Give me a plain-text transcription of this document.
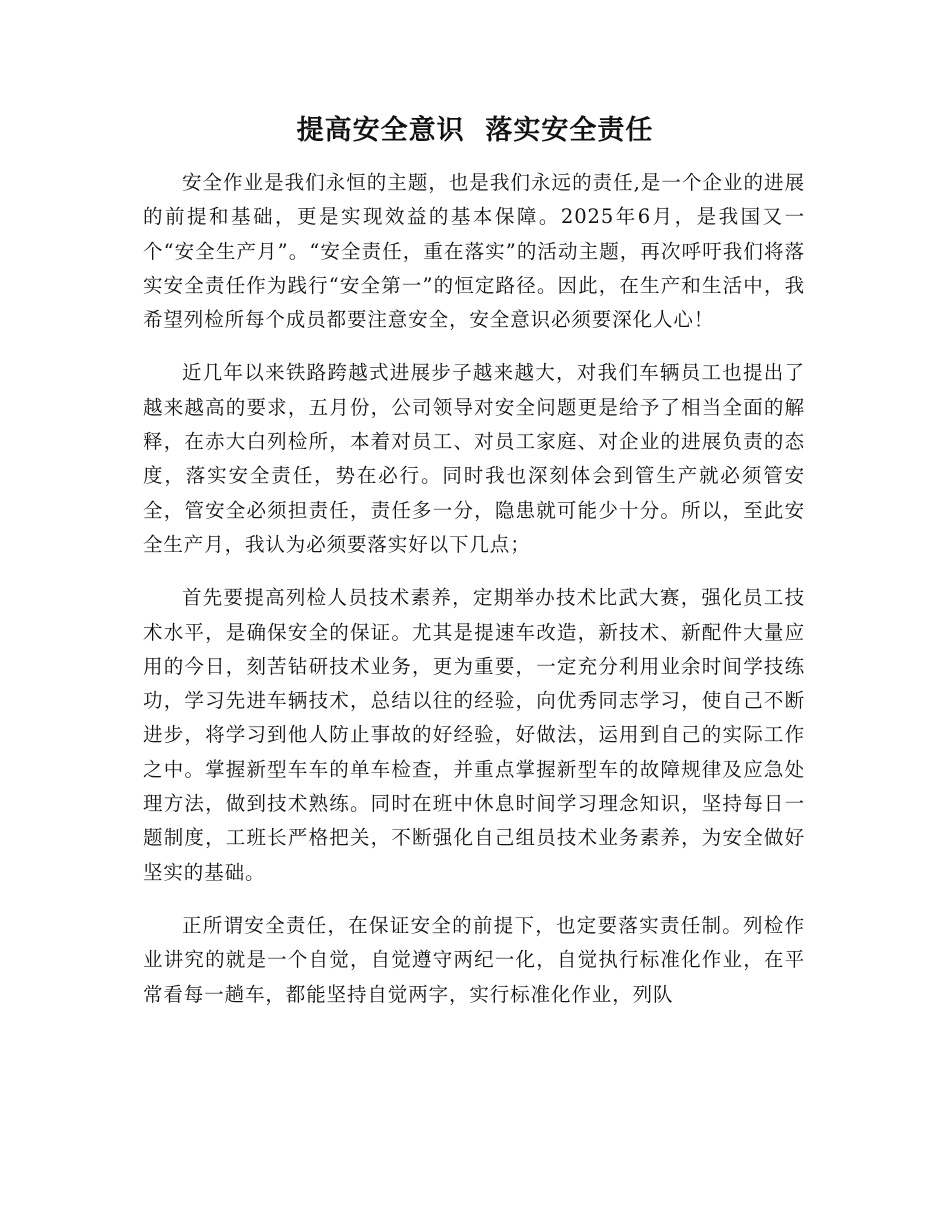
提高安全意识  落实安全责任

安全作业是我们永恒的主题，也是我们永远的责任,是一个企业的进展的前提和基础，更是实现效益的基本保障。2025年6月，是我国又一个“安全生产月”。“安全责任，重在落实”的活动主题，再次呼吁我们将落实安全责任作为践行“安全第一”的恒定路径。因此，在生产和生活中，我希望列检所每个成员都要注意安全，安全意识必须要深化人心！

近几年以来铁路跨越式进展步子越来越大，对我们车辆员工也提出了越来越高的要求，五月份，公司领导对安全问题更是给予了相当全面的解释，在赤大白列检所，本着对员工、对员工家庭、对企业的进展负责的态度，落实安全责任，势在必行。同时我也深刻体会到管生产就必须管安全，管安全必须担责任，责任多一分，隐患就可能少十分。所以，至此安全生产月，我认为必须要落实好以下几点；

首先要提高列检人员技术素养，定期举办技术比武大赛，强化员工技术水平，是确保安全的保证。尤其是提速车改造，新技术、新配件大量应用的今日，刻苦钻研技术业务，更为重要，一定充分利用业余时间学技练功，学习先进车辆技术，总结以往的经验，向优秀同志学习，使自己不断进步，将学习到他人防止事故的好经验，好做法，运用到自己的实际工作之中。掌握新型车车的单车检查，并重点掌握新型车的故障规律及应急处理方法，做到技术熟练。同时在班中休息时间学习理念知识，坚持每日一题制度，工班长严格把关，不断强化自己组员技术业务素养，为安全做好坚实的基础。

正所谓安全责任，在保证安全的前提下，也定要落实责任制。列检作业讲究的就是一个自觉，自觉遵守两纪一化，自觉执行标准化作业，在平常看每一趟车，都能坚持自觉两字，实行标准化作业，列队
